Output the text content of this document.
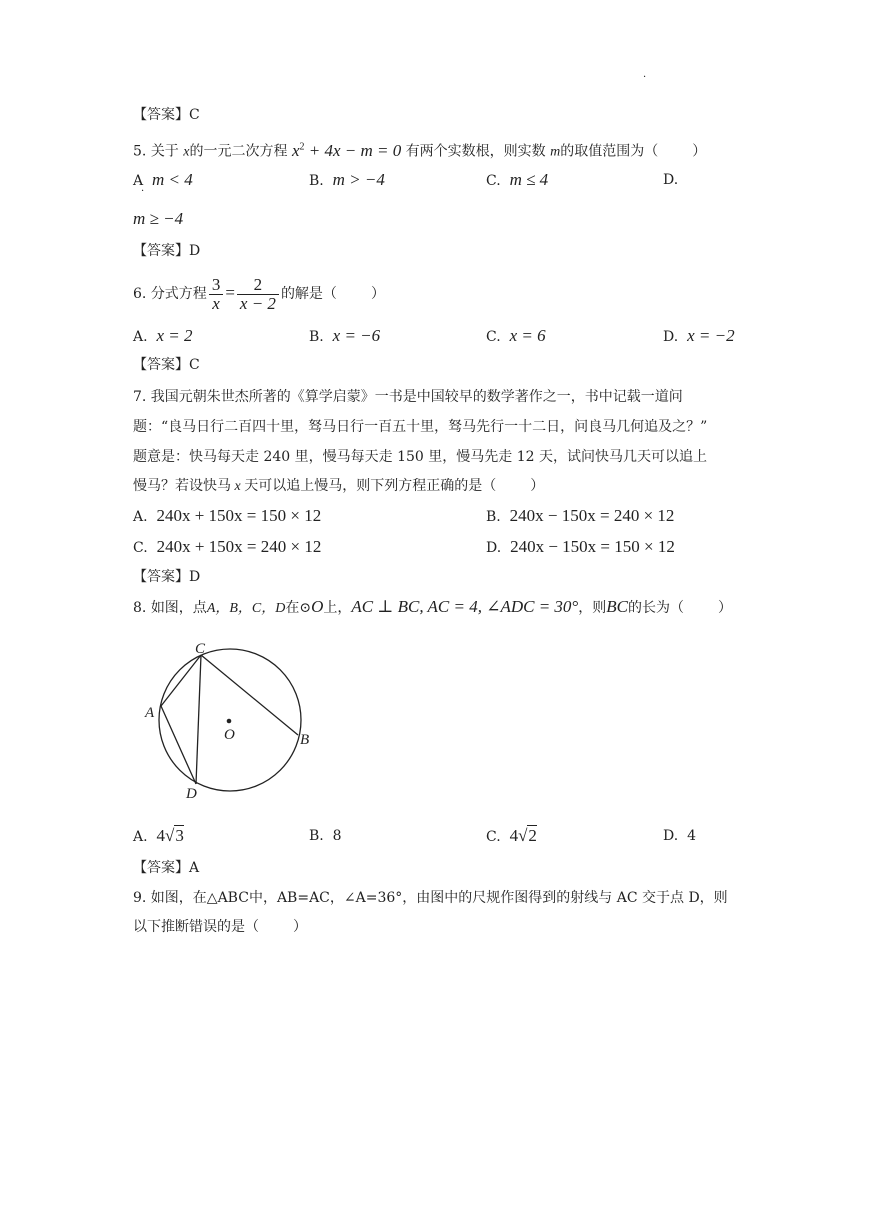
·
·
【答案】C
5. 关于 x的一元二次方程 $x^2 + 4x - m = 0$ 有两个实数根，则实数 m的取值范围为（ ）
A m < 4	B. m > −4	C. m ≤ 4	D.
m ≥ −4
【答案】D
6. 分式方程 $\frac{3}{x} = \frac{2}{x - 2}$ 的解是（ ）
A. x = 2	B. x = −6	C. x = 6	D. x = −2
【答案】C
7. 我国元朝朱世杰所著的《算学启蒙》一书是中国较早的数学著作之一，书中记载一道问
题：“良马日行二百四十里，驽马日行一百五十里，驽马先行一十二日，问良马几何追及之？”
题意是：快马每天走 240 里，慢马每天走 150 里，慢马先走 12 天，试问快马几天可以追上
慢马？若设快马 x 天可以追上慢马，则下列方程正确的是（ ）
A. 240x + 150x = 150 × 12	B. 240x − 150x = 240 × 12
C. 240x + 150x = 240 × 12	D. 240x − 150x = 150 × 12
【答案】D
8. 如图，点A，B，C，D在⊙O上，AC ⊥ BC, AC = 4, ∠ADC = 30°，则BC的长为（ ）
C
A
O	B
D
A. 4√3	B. 8	C. 4√2	D. 4
【答案】A
9. 如图，在△ABC中，AB=AC，∠A=36°，由图中的尺规作图得到的射线与 AC 交于点 D，则
以下推断错误的是（ ）
